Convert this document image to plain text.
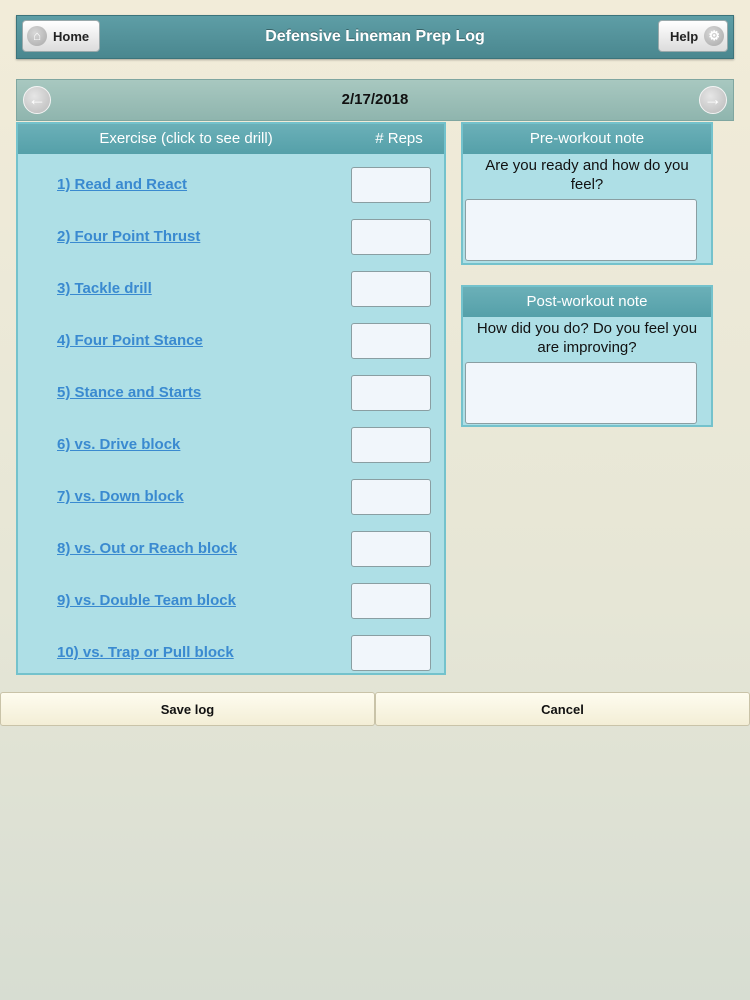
⌂ Home	Defensive Lineman Prep Log	Help ⚙
←	2/17/2018	→
Exercise (click to see drill)	# Reps
1) Read and React
2) Four Point Thrust
3) Tackle drill
4) Four Point Stance
5) Stance and Starts
6) vs. Drive block
7) vs. Down block
8) vs. Out or Reach block
9) vs. Double Team block
10) vs. Trap or Pull block
Pre-workout note
Are you ready and how do you feel?
Post-workout note
How did you do? Do you feel you are improving?
Save log	Cancel
